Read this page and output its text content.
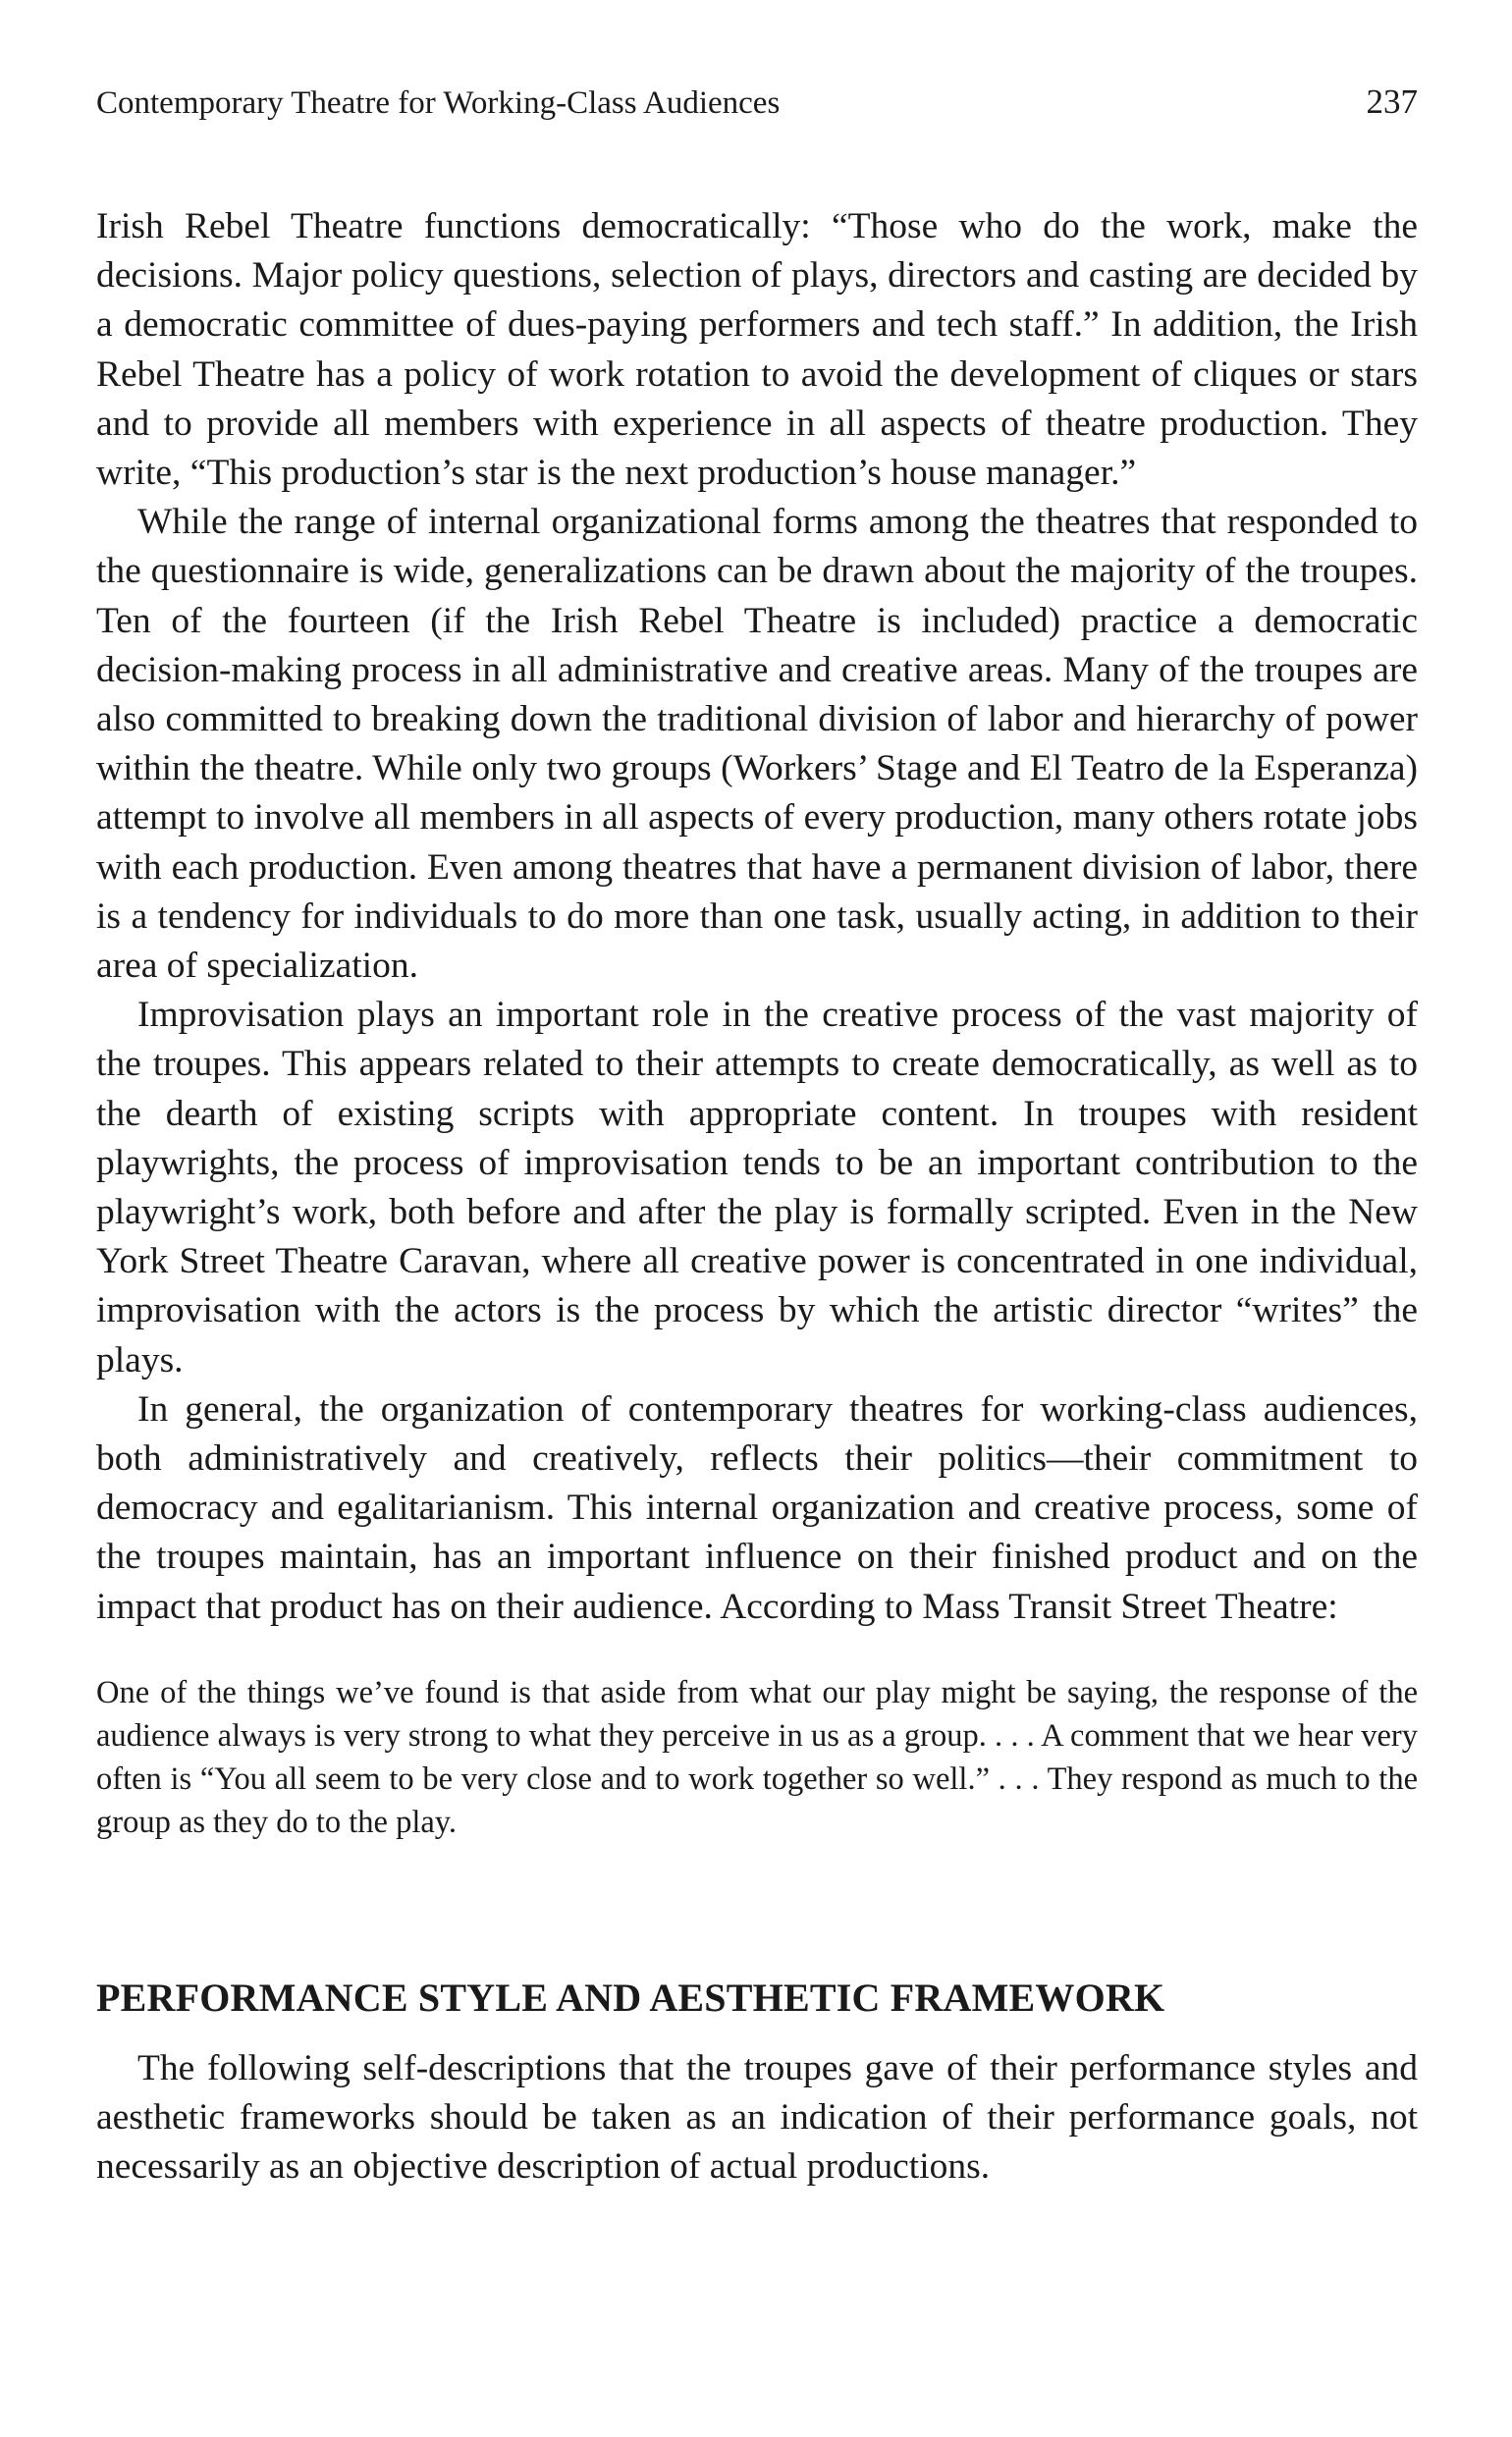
Contemporary Theatre for Working-Class Audiences	237

Irish Rebel Theatre functions democratically: “Those who do the work, make the decisions. Major policy questions, selection of plays, directors and casting are decided by a democratic committee of dues-paying performers and tech staff.” In addition, the Irish Rebel Theatre has a policy of work rotation to avoid the development of cliques or stars and to provide all members with experience in all aspects of theatre production. They write, “This production’s star is the next production’s house manager.”

While the range of internal organizational forms among the theatres that responded to the questionnaire is wide, generalizations can be drawn about the majority of the troupes. Ten of the fourteen (if the Irish Rebel Theatre is included) practice a democratic decision-making process in all administrative and creative areas. Many of the troupes are also committed to breaking down the traditional division of labor and hierarchy of power within the theatre. While only two groups (Workers’ Stage and El Teatro de la Esperanza) attempt to involve all members in all aspects of every production, many others rotate jobs with each production. Even among theatres that have a permanent division of labor, there is a tendency for individuals to do more than one task, usually acting, in addition to their area of specialization.

Improvisation plays an important role in the creative process of the vast majority of the troupes. This appears related to their attempts to create democratically, as well as to the dearth of existing scripts with appropriate content. In troupes with resident playwrights, the process of improvisation tends to be an important contribution to the playwright’s work, both before and after the play is formally scripted. Even in the New York Street Theatre Caravan, where all creative power is concentrated in one individual, improvisation with the actors is the process by which the artistic director “writes” the plays.

In general, the organization of contemporary theatres for working-class audiences, both administratively and creatively, reflects their politics—their commitment to democracy and egalitarianism. This internal organization and creative process, some of the troupes maintain, has an important influence on their finished product and on the impact that product has on their audience. According to Mass Transit Street Theatre:

One of the things we’ve found is that aside from what our play might be saying, the response of the audience always is very strong to what they perceive in us as a group. . . . A comment that we hear very often is “You all seem to be very close and to work together so well.” . . . They respond as much to the group as they do to the play.

PERFORMANCE STYLE AND AESTHETIC FRAMEWORK

The following self-descriptions that the troupes gave of their performance styles and aesthetic frameworks should be taken as an indication of their performance goals, not necessarily as an objective description of actual productions.
